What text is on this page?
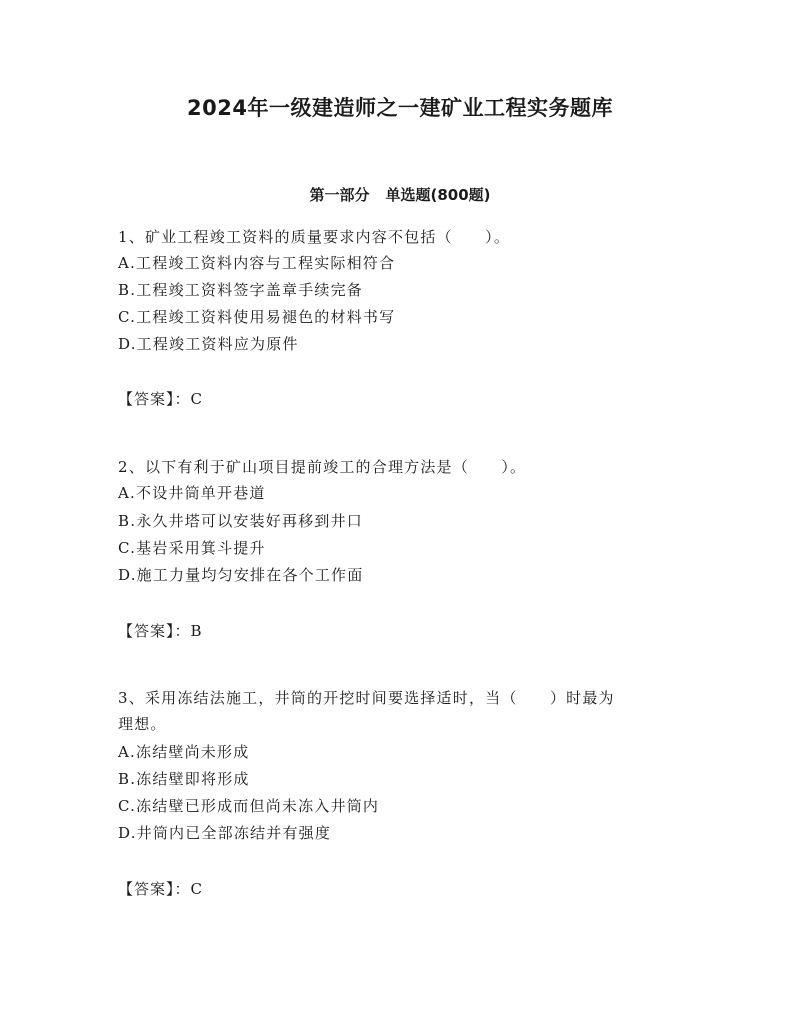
2024年一级建造师之一建矿业工程实务题库
第一部分 单选题(800题)
1、矿业工程竣工资料的质量要求内容不包括（　　）。
A.工程竣工资料内容与工程实际相符合
B.工程竣工资料签字盖章手续完备
C.工程竣工资料使用易褪色的材料书写
D.工程竣工资料应为原件
【答案】：C
2、以下有利于矿山项目提前竣工的合理方法是（　　）。
A.不设井筒单开巷道
B.永久井塔可以安装好再移到井口
C.基岩采用箕斗提升
D.施工力量均匀安排在各个工作面
【答案】：B
3、采用冻结法施工，井筒的开挖时间要选择适时，当（　　）时最为
理想。
A.冻结壁尚未形成
B.冻结壁即将形成
C.冻结壁已形成而但尚未冻入井筒内
D.井筒内已全部冻结并有强度
【答案】：C
